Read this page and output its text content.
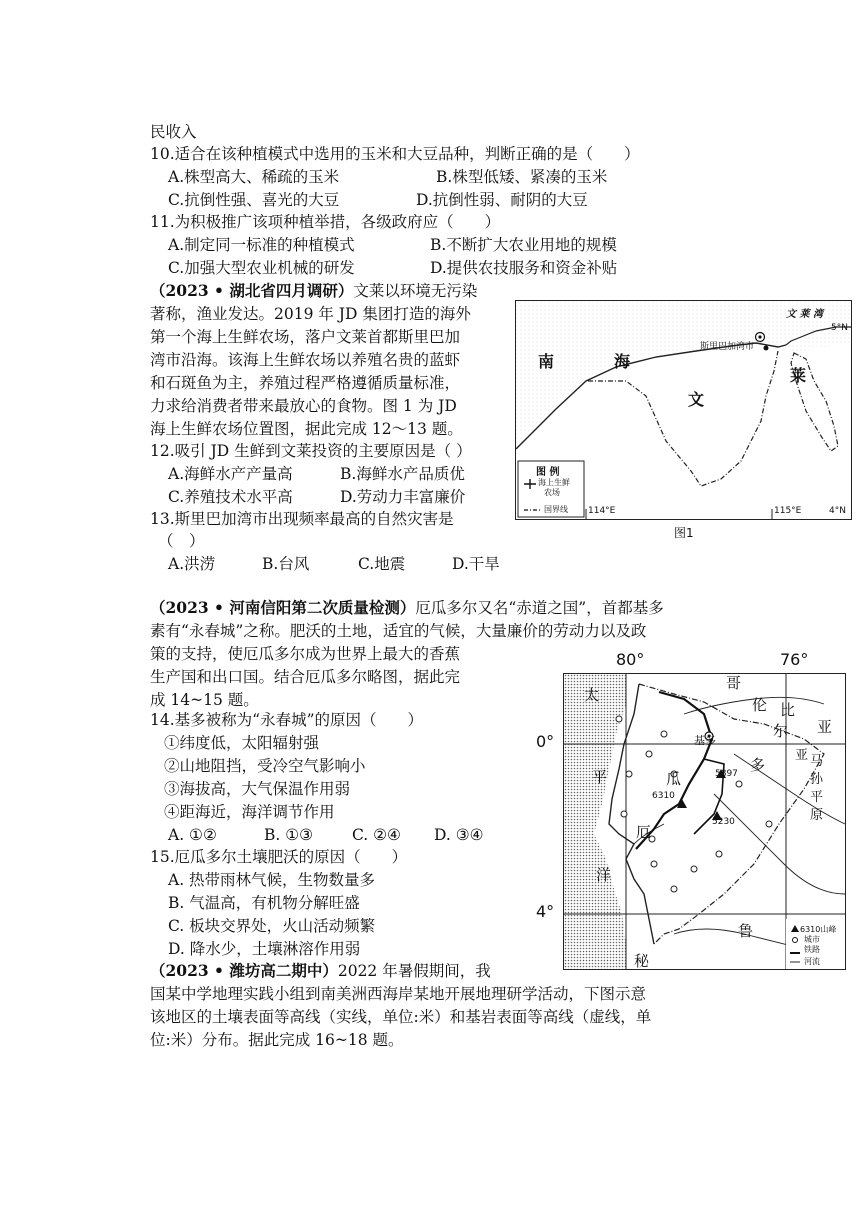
民收入
10.适合在该种植模式中选用的玉米和大豆品种，判断正确的是（　　）
A.株型高大、稀疏的玉米	B.株型低矮、紧凑的玉米
C.抗倒性强、喜光的大豆	D.抗倒性弱、耐阴的大豆
11.为积极推广该项种植举措，各级政府应（　　）
A.制定同一标准的种植模式	B.不断扩大农业用地的规模
C.加强大型农业机械的研发	D.提供农技服务和资金补贴
（2023 • 湖北省四月调研）文莱以环境无污染
著称，渔业发达。2019 年 JD 集团打造的海外
第一个海上生鲜农场，落户文莱首都斯里巴加
湾市沿海。该海上生鲜农场以养殖名贵的蓝虾
和石斑鱼为主，养殖过程严格遵循质量标准，
力求给消费者带来最放心的食物。图 1 为 JD
海上生鲜农场位置图，据此完成 12～13 题。
12.吸引 JD 生鲜到文莱投资的主要原因是（ ）
A.海鲜水产产量高	B.海鲜水产品质优
C.养殖技术水平高	D.劳动力丰富廉价
13.斯里巴加湾市出现频率最高的自然灾害是
（　）
A.洪涝	B.台风	C.地震	D.干旱
南	海
文
莱
文 莱 湾
斯里巴加湾市
5°N
4°N
114°E	115°E
图 例
海上生鲜
农场
国界线
图1
（2023 • 河南信阳第二次质量检测）厄瓜多尔又名“赤道之国”，首都基多
素有“永春城”之称。肥沃的土地，适宜的气候，大量廉价的劳动力以及政
策的支持，使厄瓜多尔成为世界上最大的香蕉
生产国和出口国。结合厄瓜多尔略图，据此完
成 14~15 题。
14.基多被称为“永春城”的原因（　　）
①纬度低，太阳辐射强
②山地阻挡，受冷空气影响小
③海拔高，大气保温作用弱
④距海近，海洋调节作用
A. ①②	B. ①③	C. ②④ D. ③④
15.厄瓜多尔土壤肥沃的原因（　　）
A. 热带雨林气候，生物数量多
B. 气温高，有机物分解旺盛
C. 板块交界处，火山活动频繁
D. 降水少，土壤淋溶作用弱
80°	76°
0°
4°
太
平
洋
哥
伦 比
亚
亚 马
孙
平
原
厄
瓜
多
尔
秘
鲁
基多
5897
6310
5230
6310山峰
城市
铁路
河流
（2023 • 潍坊高二期中）2022 年暑假期间，我
国某中学地理实践小组到南美洲西海岸某地开展地理研学活动，下图示意
该地区的土壤表面等高线（实线，单位:米）和基岩表面等高线（虚线，单
位:米）分布。据此完成 16~18 题。
